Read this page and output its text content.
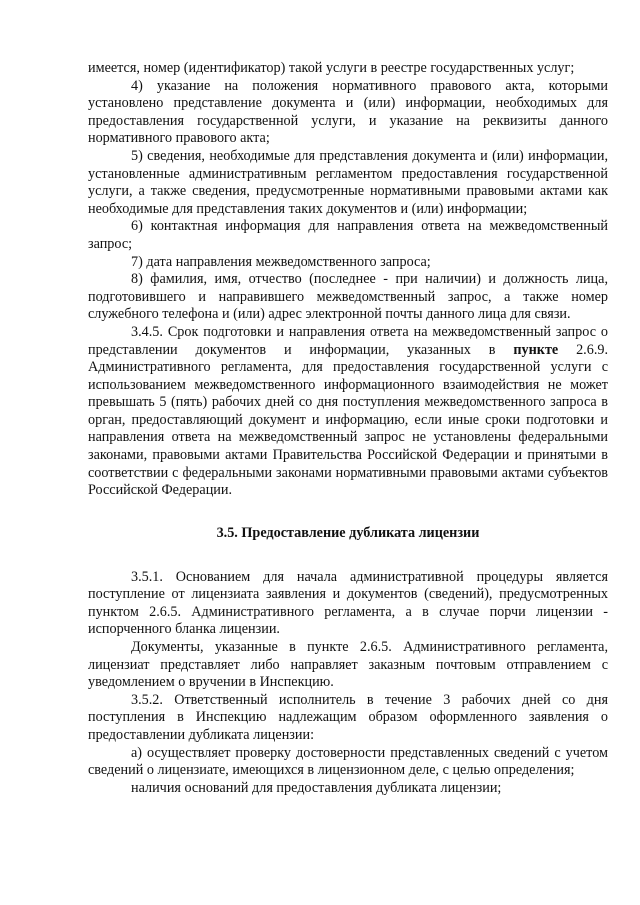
имеется, номер (идентификатор) такой услуги в реестре государственных услуг;

4) указание на положения нормативного правового акта, которыми установлено представление документа и (или) информации, необходимых для предоставления государственной услуги, и указание на реквизиты данного нормативного правового акта;

5) сведения, необходимые для представления документа и (или) информации, установленные административным регламентом предоставления государственной услуги, а также сведения, предусмотренные нормативными правовыми актами как необходимые для представления таких документов и (или) информации;

6) контактная информация для направления ответа на межведомственный запрос;

7) дата направления межведомственного запроса;

8) фамилия, имя, отчество (последнее - при наличии) и должность лица, подготовившего и направившего межведомственный запрос, а также номер служебного телефона и (или) адрес электронной почты данного лица для связи.

3.4.5. Срок подготовки и направления ответа на межведомственный запрос о представлении документов и информации, указанных в пункте 2.6.9. Административного регламента, для предоставления государственной услуги с использованием межведомственного информационного взаимодействия не может превышать 5 (пять) рабочих дней со дня поступления межведомственного запроса в орган, предоставляющий документ и информацию, если иные сроки подготовки и направления ответа на межведомственный запрос не установлены федеральными законами, правовыми актами Правительства Российской Федерации и принятыми в соответствии с федеральными законами нормативными правовыми актами субъектов Российской Федерации.

3.5. Предоставление дубликата лицензии

3.5.1. Основанием для начала административной процедуры является поступление от лицензиата заявления и документов (сведений), предусмотренных пунктом 2.6.5. Административного регламента, а в случае порчи лицензии - испорченного бланка лицензии.

Документы, указанные в пункте 2.6.5. Административного регламента, лицензиат представляет либо направляет заказным почтовым отправлением с уведомлением о вручении в Инспекцию.

3.5.2. Ответственный исполнитель в течение 3 рабочих дней со дня поступления в Инспекцию надлежащим образом оформленного заявления о предоставлении дубликата лицензии:

а) осуществляет проверку достоверности представленных сведений с учетом сведений о лицензиате, имеющихся в лицензионном деле, с целью определения;

наличия оснований для предоставления дубликата лицензии;
